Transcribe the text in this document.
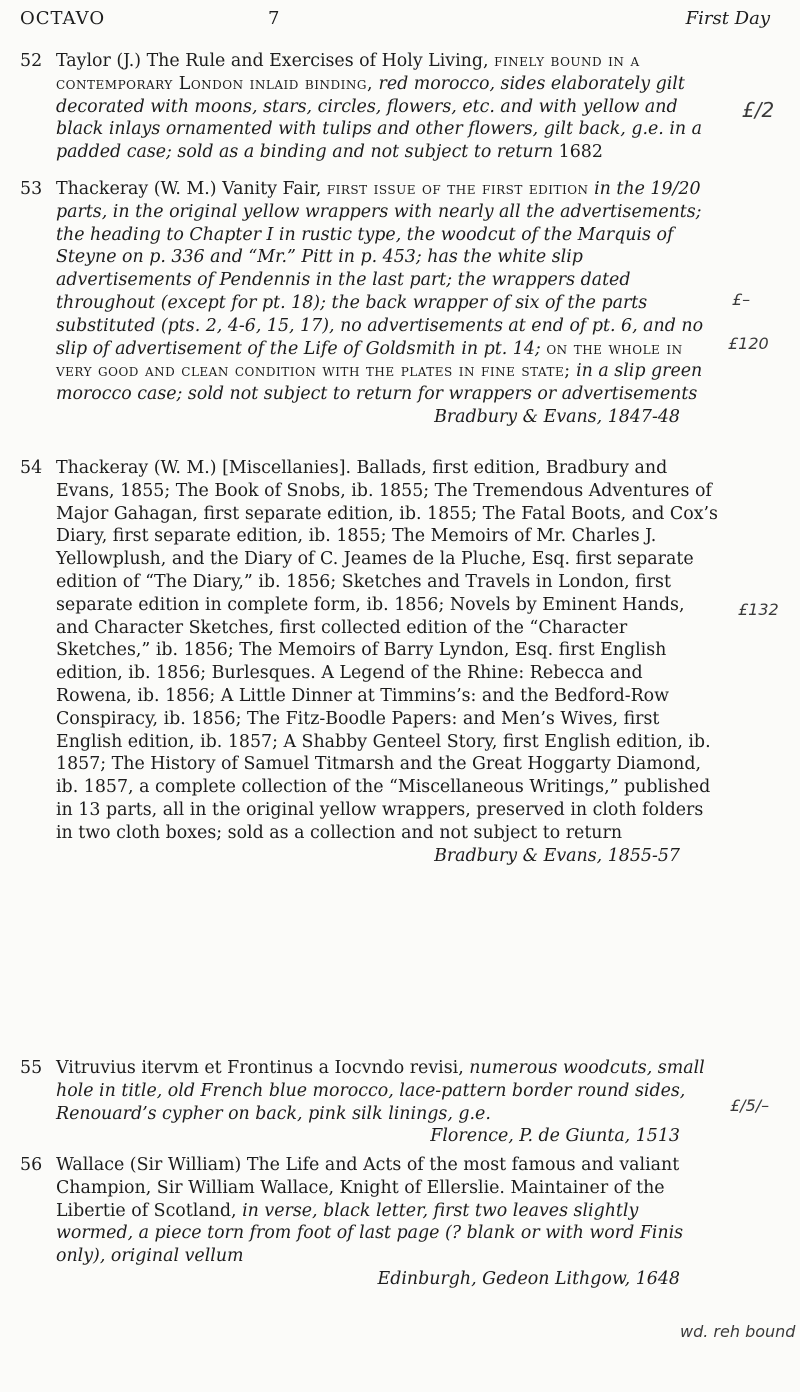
OCTAVO	7	First Day
52 Taylor (J.) The Rule and Exercises of Holy Living, finely bound in a contemporary London inlaid binding, red morocco, sides elaborately gilt decorated with moons, stars, circles, flowers, etc. and with yellow and black inlays ornamented with tulips and other flowers, gilt back, g.e. in a padded case; sold as a binding and not subject to return 1682
53 Thackeray (W. M.) Vanity Fair, first issue of the first edition in the 19/20 parts, in the original yellow wrappers with nearly all the advertisements; the heading to Chapter I in rustic type, the woodcut of the Marquis of Steyne on p. 336 and “Mr.” Pitt in p. 453; has the white slip advertisements of Pendennis in the last part; the wrappers dated throughout (except for pt. 18); the back wrapper of six of the parts substituted (pts. 2, 4-6, 15, 17), no advertisements at end of pt. 6, and no slip of advertisement of the Life of Goldsmith in pt. 14; on the whole in very good and clean condition with the plates in fine state; in a slip green morocco case; sold not subject to return for wrappers or advertisements
Bradbury & Evans, 1847-48
54 Thackeray (W. M.) [Miscellanies]. Ballads, first edition, Bradbury and Evans, 1855; The Book of Snobs, ib. 1855; The Tremendous Adventures of Major Gahagan, first separate edition, ib. 1855; The Fatal Boots, and Cox’s Diary, first separate edition, ib. 1855; The Memoirs of Mr. Charles J. Yellowplush, and the Diary of C. Jeames de la Pluche, Esq. first separate edition of “The Diary,” ib. 1856; Sketches and Travels in London, first separate edition in complete form, ib. 1856; Novels by Eminent Hands, and Character Sketches, first collected edition of the “Character Sketches,” ib. 1856; The Memoirs of Barry Lyndon, Esq. first English edition, ib. 1856; Burlesques. A Legend of the Rhine: Rebecca and Rowena, ib. 1856; A Little Dinner at Timmins’s: and the Bedford-Row Conspiracy, ib. 1856; The Fitz-Boodle Papers: and Men’s Wives, first English edition, ib. 1857; A Shabby Genteel Story, first English edition, ib. 1857; The History of Samuel Titmarsh and the Great Hoggarty Diamond, ib. 1857, a complete collection of the “Miscellaneous Writings,” published in 13 parts, all in the original yellow wrappers, preserved in cloth folders in two cloth boxes; sold as a collection and not subject to return
Bradbury & Evans, 1855-57
55 Vitruvius itervm et Frontinus a Iocvndo revisi, numerous woodcuts, small hole in title, old French blue morocco, lace-pattern border round sides, Renouard’s cypher on back, pink silk linings, g.e.
Florence, P. de Giunta, 1513
56 Wallace (Sir William) The Life and Acts of the most famous and valiant Champion, Sir William Wallace, Knight of Ellerslie. Maintainer of the Libertie of Scotland, in verse, black letter, first two leaves slightly wormed, a piece torn from foot of last page (? blank or with word Finis only), original vellum
Edinburgh, Gedeon Lithgow, 1648
£/2
£–
£120
£132
£/5/–
wd. reh bound
